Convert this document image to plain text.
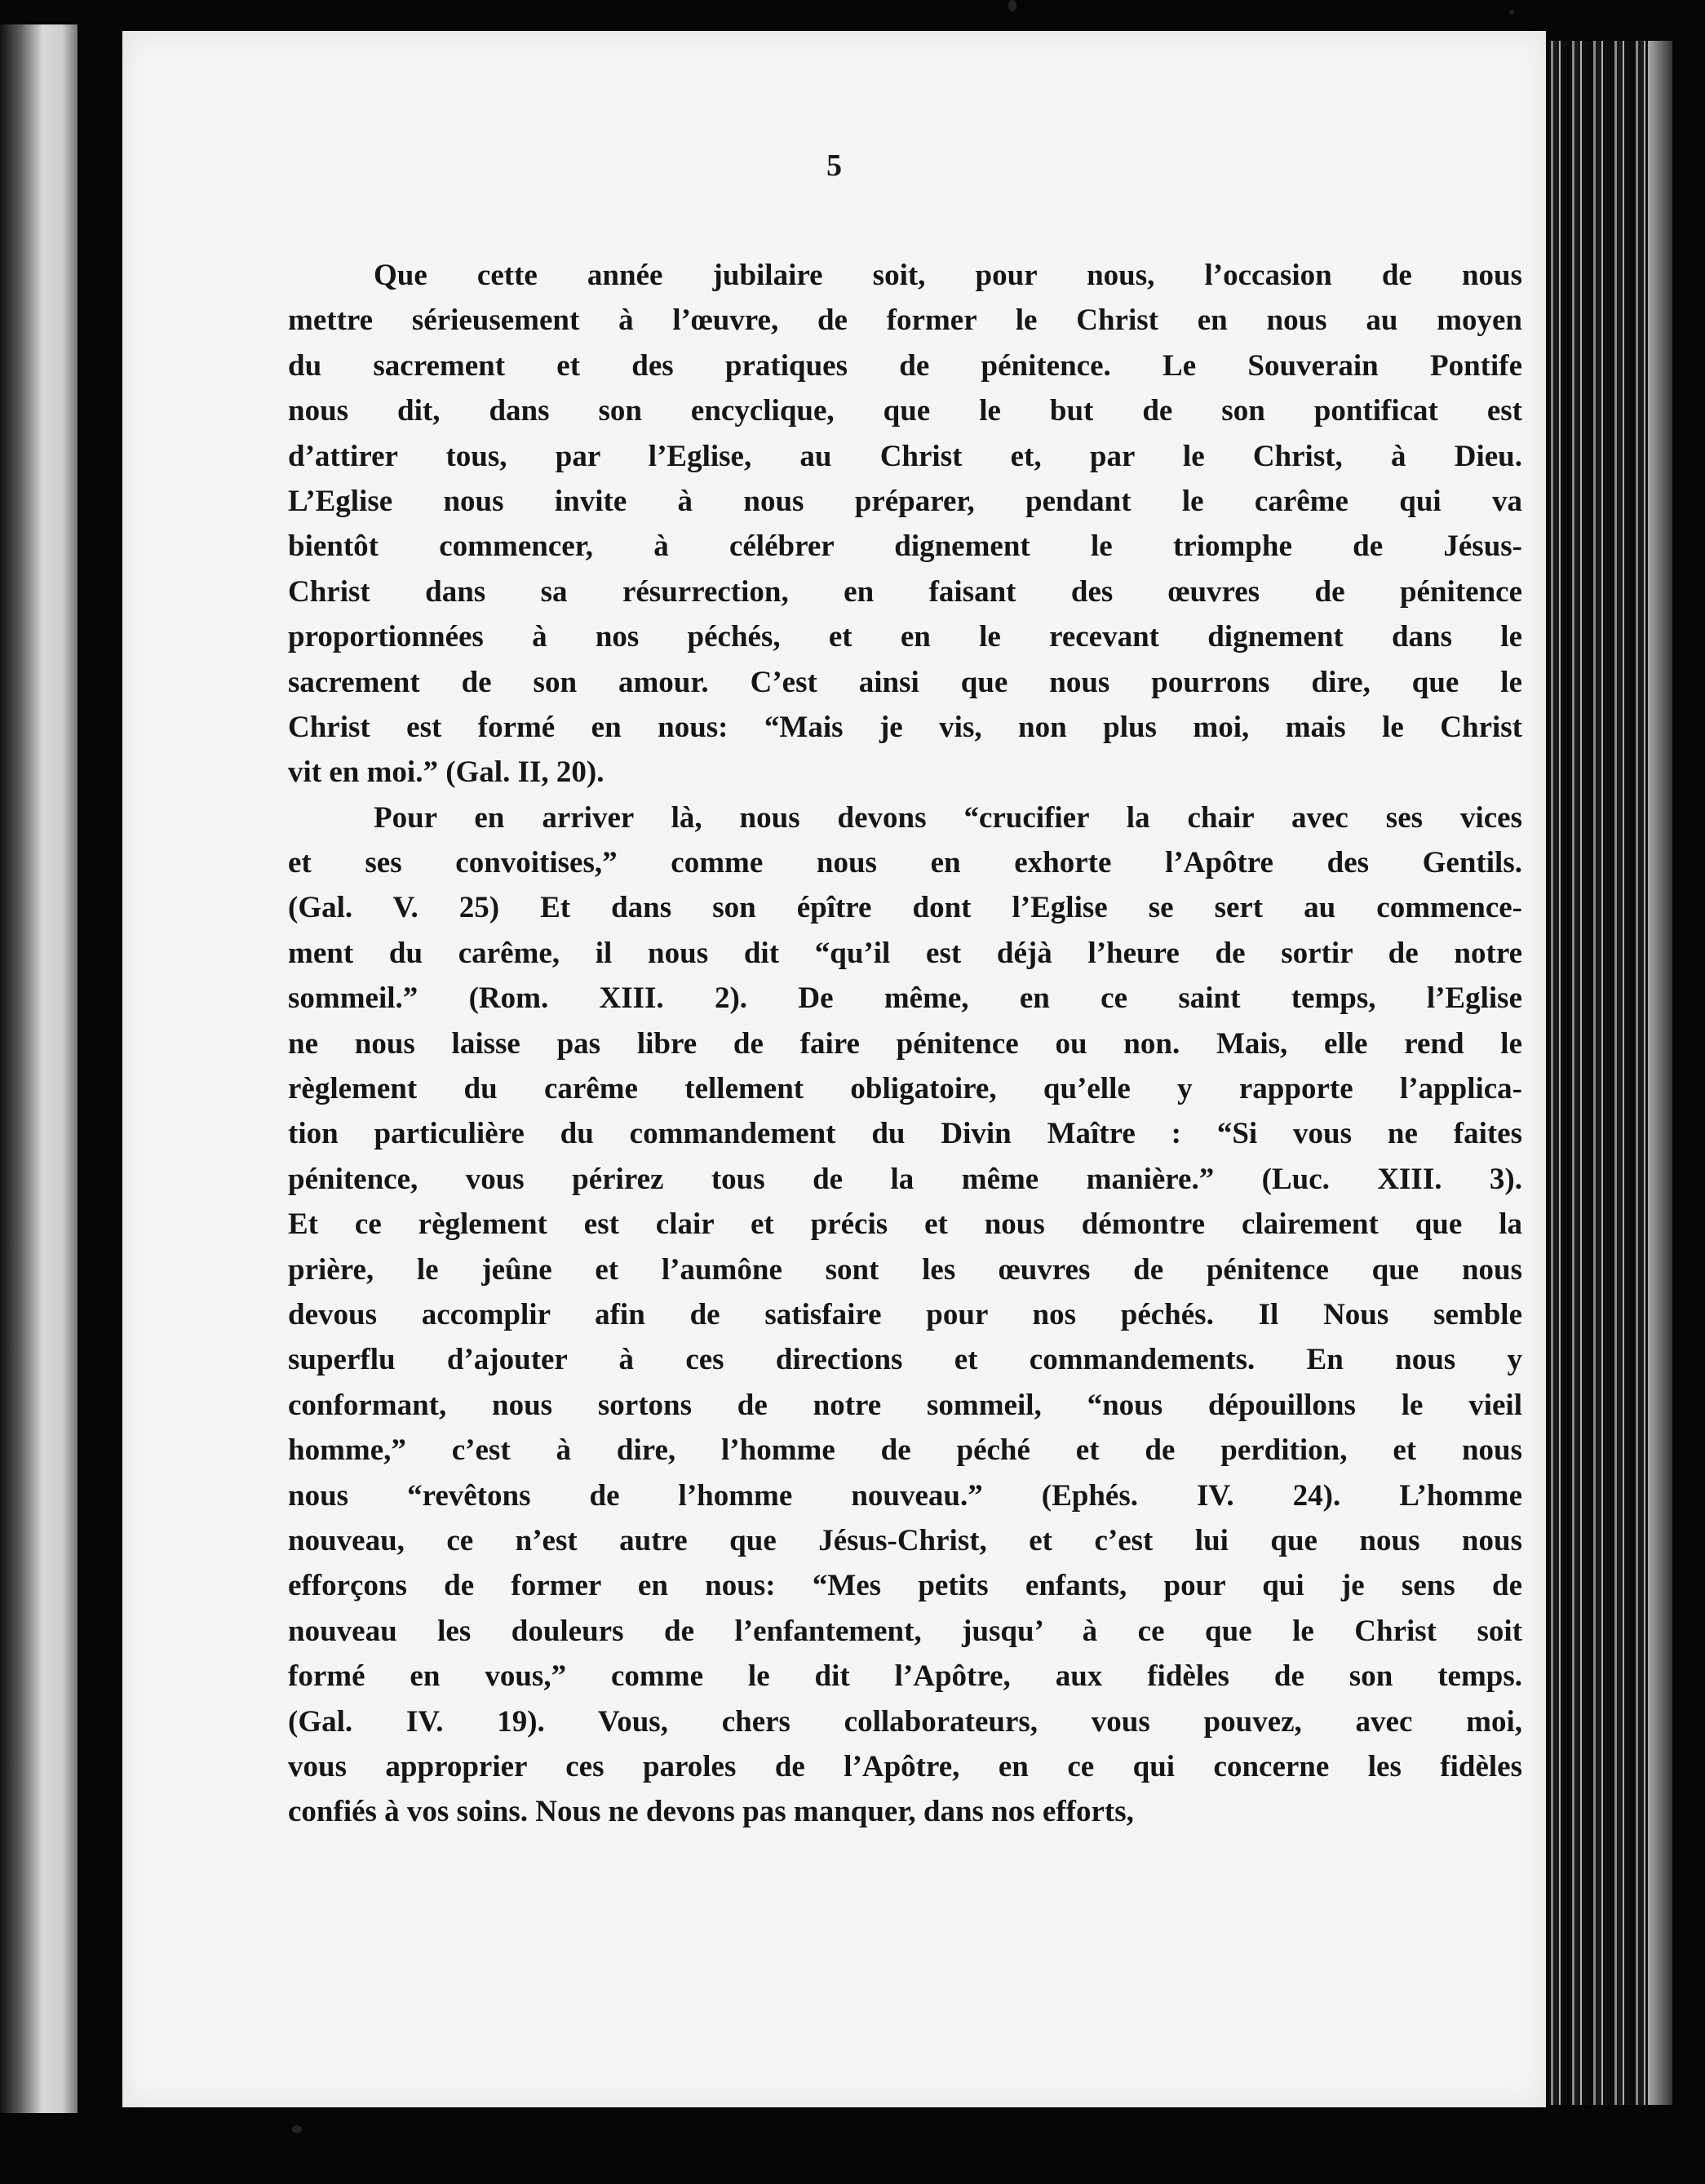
5

Que cette année jubilaire soit, pour nous, l’occasion de nous
mettre sérieusement à l’œuvre, de former le Christ en nous au moyen
du sacrement et des pratiques de pénitence. Le Souverain Pontife
nous dit, dans son encyclique, que le but de son pontificat est
d’attirer tous, par l’Eglise, au Christ et, par le Christ, à Dieu.
L’Eglise nous invite à nous préparer, pendant le carême qui va
bientôt commencer, à célébrer dignement le triomphe de Jésus-
Christ dans sa résurrection, en faisant des œuvres de pénitence
proportionnées à nos péchés, et en le recevant dignement dans le
sacrement de son amour. C’est ainsi que nous pourrons dire, que le
Christ est formé en nous: “Mais je vis, non plus moi, mais le Christ
vit en moi.” (Gal. II, 20).
Pour en arriver là, nous devons “crucifier la chair avec ses vices
et ses convoitises,” comme nous en exhorte l’Apôtre des Gentils.
(Gal. V. 25) Et dans son épître dont l’Eglise se sert au commence-
ment du carême, il nous dit “qu’il est déjà l’heure de sortir de notre
sommeil.” (Rom. XIII. 2). De même, en ce saint temps, l’Eglise
ne nous laisse pas libre de faire pénitence ou non. Mais, elle rend le
règlement du carême tellement obligatoire, qu’elle y rapporte l’applica-
tion particulière du commandement du Divin Maître : “Si vous ne faites
pénitence, vous périrez tous de la même manière.” (Luc. XIII. 3).
Et ce règlement est clair et précis et nous démontre clairement que la
prière, le jeûne et l’aumône sont les œuvres de pénitence que nous
devous accomplir afin de satisfaire pour nos péchés. Il Nous semble
superflu d’ajouter à ces directions et commandements. En nous y
conformant, nous sortons de notre sommeil, “nous dépouillons le vieil
homme,” c’est à dire, l’homme de péché et de perdition, et nous
nous “revêtons de l’homme nouveau.” (Ephés. IV. 24). L’homme
nouveau, ce n’est autre que Jésus-Christ, et c’est lui que nous nous
efforçons de former en nous: “Mes petits enfants, pour qui je sens de
nouveau les douleurs de l’enfantement, jusqu’ à ce que le Christ soit
formé en vous,” comme le dit l’Apôtre, aux fidèles de son temps.
(Gal. IV. 19). Vous, chers collaborateurs, vous pouvez, avec moi,
vous approprier ces paroles de l’Apôtre, en ce qui concerne les fidèles
confiés à vos soins. Nous ne devons pas manquer, dans nos efforts,
